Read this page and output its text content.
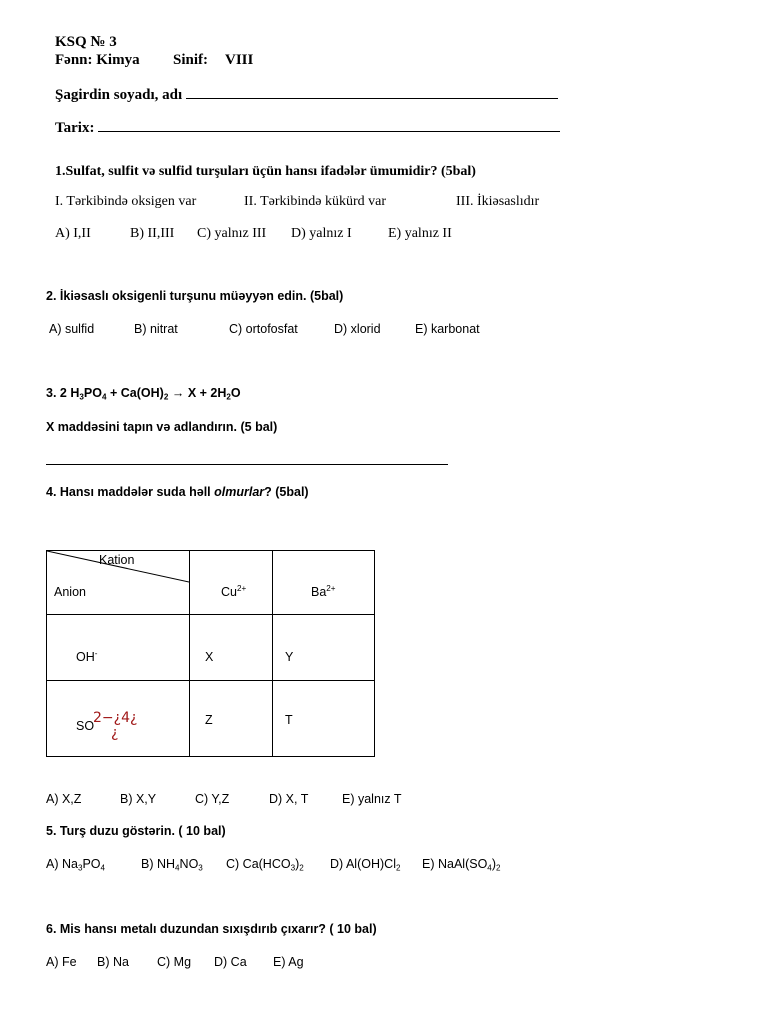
KSQ № 3
Fənn: Kimya Sinif: VIII
Şagirdin soyadı, adı
Tarix:
1.Sulfat, sulfit və sulfid turşuları üçün hansı ifadələr ümumidir? (5bal)
I. Tərkibində oksigen var	II. Tərkibində kükürd var	III. İkiəsaslıdır
A) I,II	B) II,III C) yalnız III D) yalnız I	E) yalnız II
2. İkiəsaslı oksigenli turşunu müəyyən edin. (5bal)
A) sulfid	B) nitrat	C) ortofosfat	D) xlorid	E) karbonat
3. 2 $H_3PO_4 + Ca(OH)_2 \to X + 2H_2O$
X maddəsini tapın və adlandırın. (5 bal)
4. Hansı maddələr suda həll olmurlar? (5bal)
Kation
Anion	$Cu^{2+}$	$Ba^{2+}$

OH-	X	Y

SO
2−¿4¿
¿	Z	T
A) X,Z	B) X,Y	C) Y,Z	D) X, T	E) yalnız T
5. Turş duzu göstərin. ( 10 bal)
A) $Na_3PO_4$	B) $NH_4NO_3$ C) $Ca(HCO_3)_2$ D) $Al(OH)Cl_2$ E) $NaAl(SO_4)_2$
6. Mis hansı metalı duzundan sıxışdırıb çıxarır? ( 10 bal)
A) Fe B) Na C) Mg D) Ca E) Ag
